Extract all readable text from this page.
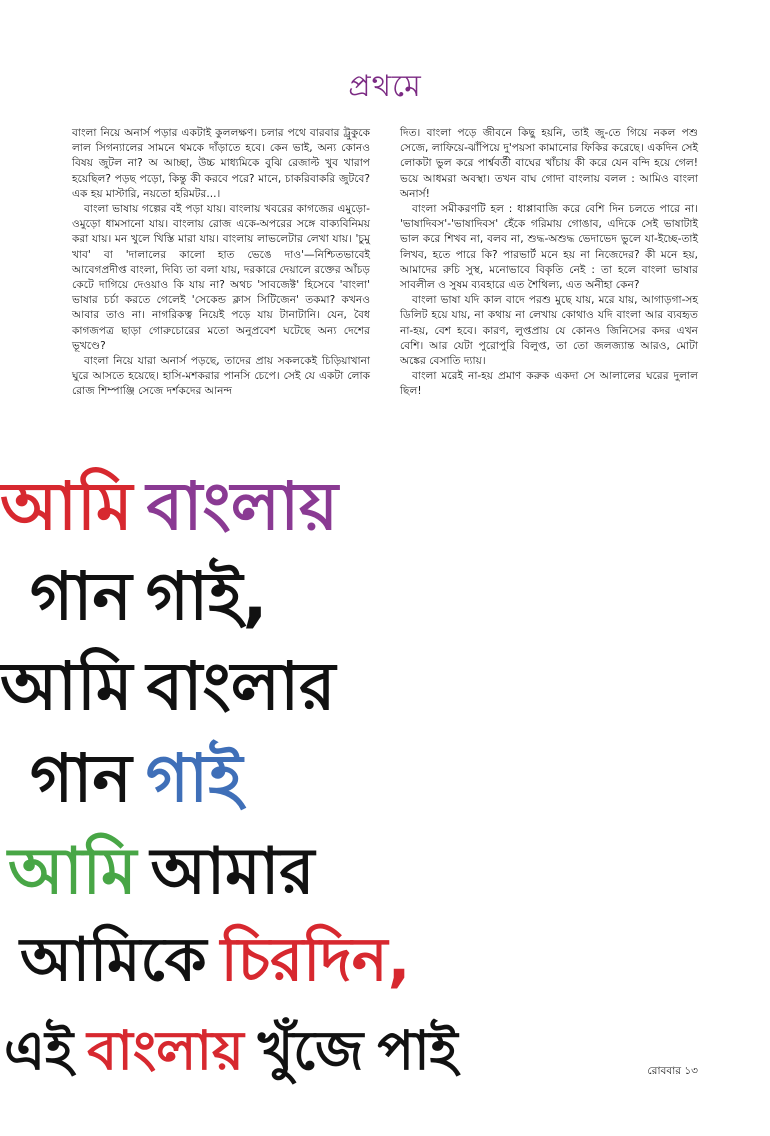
প্রথমে

বাংলা নিয়ে অনার্স পড়ার একটাই কুললক্ষণ। চলার পথে বারবার ট্রুকুকে লাল সিগন্যালের সামনে থমকে দাঁড়াতে হবে। কেন ভাই, অন্য কোনও বিষয় জুটল না? অ আচ্ছা, উচ্চ মাধ্যমিকে বুঝি রেজাল্ট খুব খারাপ হয়েছিল? পড়ছ পড়ো, কিন্তু কী করবে পরে? মানে, চাকরিবাকরি জুটবে? এক হয় মাস্টারি, নয়তো হরিমটর...।

বাংলা ভাষায় গল্পের বই পড়া যায়। বাংলায় খবরের কাগজের এমুড়ো-ওমুড়ো ধামসানো যায়। বাংলায় রোজ একে-অপরের সঙ্গে বাক্যবিনিময় করা যায়। মন খুলে খিস্তি মারা যায়। বাংলায় লাভলেটার লেখা যায়। 'চুমু খাব' বা 'দালালের কালো হাত ভেঙে দাও'—নিশ্চিতভাবেই আবেগপ্রদীপ্ত বাংলা, দিব্যি তা বলা যায়, দরকারে দেয়ালে রক্তের আঁচড় কেটে দাগিয়ে দেওয়াও কি যায় না? অথচ 'সাবজেক্ট' হিসেবে 'বাংলা' ভাষার চর্চা করতে গেলেই 'সেকেন্ড ক্লাস সিটিজেন' তকমা? কখনও আবার তাও না। নাগরিকত্ব নিয়েই পড়ে যায় টানাটানি। যেন, বৈধ কাগজপত্র ছাড়া গোরুচোরের মতো অনুপ্রবেশ ঘটেছে অন্য দেশের ভূখণ্ডে?

বাংলা নিয়ে যারা অনার্স পড়ছে, তাদের প্রায় সকলকেই চিড়িয়াখানা ঘুরে আসতে হয়েছে। হাসি-মশকরার পানসি চেপে। সেই যে একটা লোক রোজ শিম্পাঞ্জি সেজে দর্শকদের আনন্দ

দিত। বাংলা পড়ে জীবনে কিছু হয়নি, তাই জু-তে গিয়ে নকল পশু সেজে, লাফিয়ে-ঝাঁপিয়ে দু'পয়সা কামানোর ফিকির করেছে। একদিন সেই লোকটা ভুল করে পার্শ্ববর্তী বাঘের খাঁচায় কী করে যেন বন্দি হয়ে গেল! ভয়ে আধমরা অবস্থা। তখন বাঘ গোদা বাংলায় বলল : আমিও বাংলা অনার্স!

বাংলা সমীকরণটি হল : ধাপ্পাবাজি করে বেশি দিন চলতে পারে না। 'ভাষাদিবস'-'ভাষাদিবস' হেঁকে গরিমায় গোঙাব, এদিকে সেই ভাষাটাই ভাল করে শিখব না, বলব না, শুদ্ধ-অশুদ্ধ ভেদাভেদ ভুলে যা-ইচ্ছে-তাই লিখব, হতে পারে কি? পারভার্ট মনে হয় না নিজেদের? কী মনে হয়, আমাদের রুচি সুস্থ, মনোভাবে বিকৃতি নেই : তা হলে বাংলা ভাষার সাবলীল ও সুষম ব্যবহারে এত শৈথিল্য, এত অনীহা কেন?

বাংলা ভাষা যদি কাল বাদে পরশু মুছে যায়, মরে যায়, আগাড়গা-সহ ডিলিট হয়ে যায়, না কথায় না লেখায় কোথাও যদি বাংলা আর ব্যবহৃত না-হয়, বেশ হবে। কারণ, লুপ্তপ্রায় যে কোনও জিনিসের কদর এখন বেশি। আর যেটা পুরোপুরি বিলুপ্ত, তা তো জলজ্যান্ত আরও, মোটা অঙ্কের বেসাতি দ্যায়।

বাংলা মরেই না-হয় প্রমাণ করুক একদা সে আলালের ঘরের দুলাল ছিল!

আমি বাংলায়
গান গাই,
আমি বাংলার
গান গাই
আমি আমার
আমিকে চিরদিন,
এই বাংলায় খুঁজে পাই	রোববার ১৩
